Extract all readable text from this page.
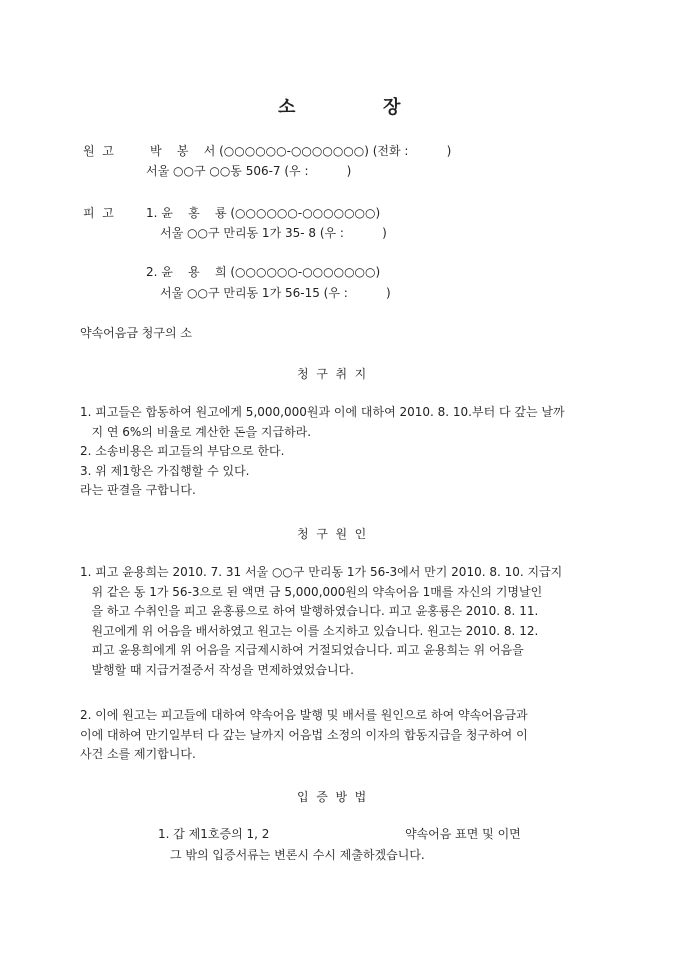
소	장
원  고	박    봉    서 (○○○○○○-○○○○○○○) (전화 :          )
서울 ○○구 ○○동 506-7 (우 :          )
피  고	1. 윤    홍    룡 (○○○○○○-○○○○○○○)
서울 ○○구 만리동 1가 35- 8 (우 :          )
2. 윤    용    희 (○○○○○○-○○○○○○○)
서울 ○○구 만리동 1가 56-15 (우 :          )
약속어음금 청구의 소
청  구  취  지
1. 피고들은 합동하여 원고에게 5,000,000원과 이에 대하여 2010. 8. 10.부터 다 갚는 날까
지 연 6%의 비율로 계산한 돈을 지급하라.
2. 소송비용은 피고들의 부담으로 한다.
3. 위 제1항은 가집행할 수 있다.
라는 판결을 구합니다.
청  구  원  인
1. 피고 윤용희는 2010. 7. 31 서울 ○○구 만리동 1가 56-3에서 만기 2010. 8. 10. 지급지
위 같은 동 1가 56-3으로 된 액면 금 5,000,000원의 약속어음 1매를 자신의 기명날인
을 하고 수취인을 피고 윤홍룡으로 하여 발행하였습니다. 피고 윤홍룡은 2010. 8. 11.
원고에게 위 어음을 배서하였고 원고는 이를 소지하고 있습니다. 원고는 2010. 8. 12.
피고 윤용희에게 위 어음을 지급제시하여 거절되었습니다. 피고 윤용희는 위 어음을
발행할 때 지급거절증서 작성을 면제하였었습니다.
2. 이에 원고는 피고들에 대하여 약속어음 발행 및 배서를 원인으로 하여 약속어음금과
이에 대하여 만기일부터 다 갚는 날까지 어음법 소정의 이자의 합동지급을 청구하여 이
사건 소를 제기합니다.
입  증  방  법
1. 갑 제1호증의 1, 2	약속어음 표면 및 이면
그 밖의 입증서류는 변론시 수시 제출하겠습니다.
